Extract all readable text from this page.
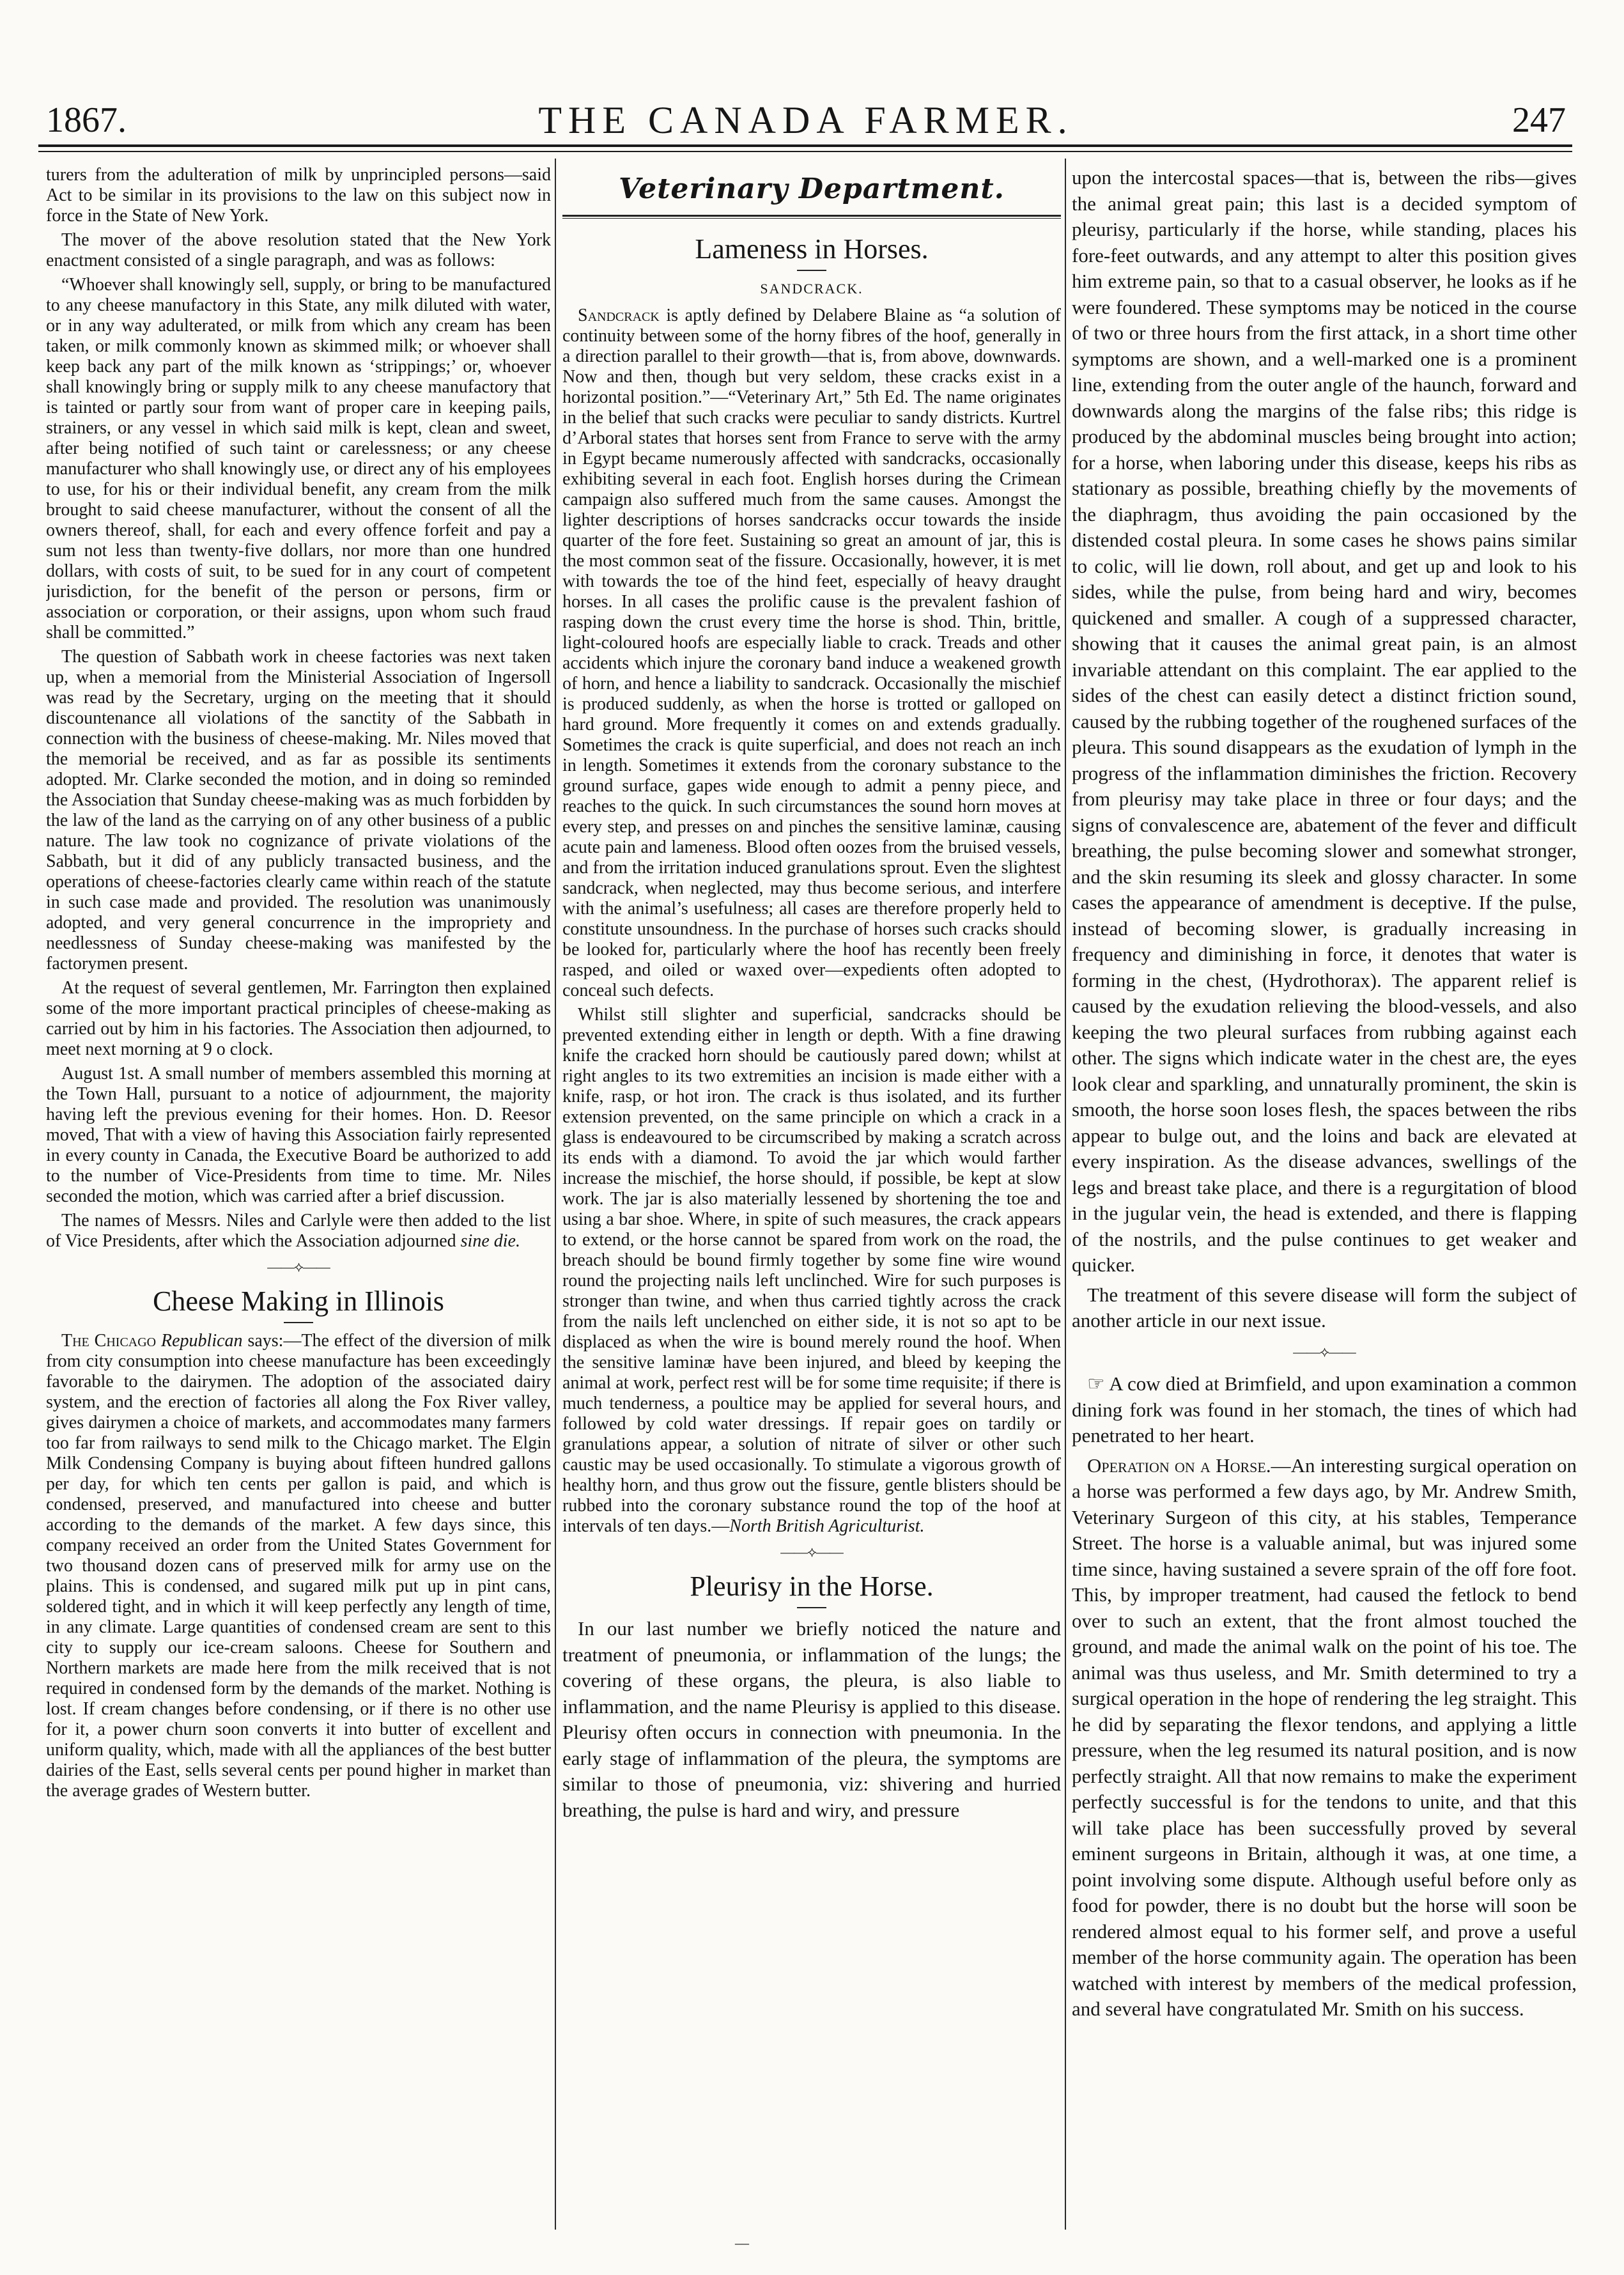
1867.	THE CANADA FARMER.	247

turers from the adulteration of milk by unprincipled persons—said Act to be similar in its provisions to the law on this subject now in force in the State of New York.

The mover of the above resolution stated that the New York enactment consisted of a single paragraph, and was as follows:

“Whoever shall knowingly sell, supply, or bring to be manufactured to any cheese manufactory in this State, any milk diluted with water, or in any way adulterated, or milk from which any cream has been taken, or milk commonly known as skimmed milk; or whoever shall keep back any part of the milk known as ‘strippings;’ or, whoever shall knowingly bring or supply milk to any cheese manufactory that is tainted or partly sour from want of proper care in keeping pails, strainers, or any vessel in which said milk is kept, clean and sweet, after being notified of such taint or carelessness; or any cheese manufacturer who shall knowingly use, or direct any of his employees to use, for his or their individual benefit, any cream from the milk brought to said cheese manufacturer, without the consent of all the owners thereof, shall, for each and every offence forfeit and pay a sum not less than twenty-five dollars, nor more than one hundred dollars, with costs of suit, to be sued for in any court of competent jurisdiction, for the benefit of the person or persons, firm or association or corporation, or their assigns, upon whom such fraud shall be committed.”

The question of Sabbath work in cheese factories was next taken up, when a memorial from the Ministerial Association of Ingersoll was read by the Secretary, urging on the meeting that it should discountenance all violations of the sanctity of the Sabbath in connection with the business of cheese-making. Mr. Niles moved that the memorial be received, and as far as possible its sentiments adopted. Mr. Clarke seconded the motion, and in doing so reminded the Association that Sunday cheese-making was as much forbidden by the law of the land as the carrying on of any other business of a public nature. The law took no cognizance of private violations of the Sabbath, but it did of any publicly transacted business, and the operations of cheese-factories clearly came within reach of the statute in such case made and provided. The resolution was unanimously adopted, and very general concurrence in the impropriety and needlessness of Sunday cheese-making was manifested by the factorymen present.

At the request of several gentlemen, Mr. Farrington then explained some of the more important practical principles of cheese-making as carried out by him in his factories. The Association then adjourned, to meet next morning at 9 o clock.

August 1st. A small number of members assembled this morning at the Town Hall, pursuant to a notice of adjournment, the majority having left the previous evening for their homes. Hon. D. Reesor moved, That with a view of having this Association fairly represented in every county in Canada, the Executive Board be authorized to add to the number of Vice-Presidents from time to time. Mr. Niles seconded the motion, which was carried after a brief discussion.

The names of Messrs. Niles and Carlyle were then added to the list of Vice Presidents, after which the Association adjourned sine die.

——⟡——
Cheese Making in Illinois

The Chicago Republican says:—The effect of the diversion of milk from city consumption into cheese manufacture has been exceedingly favorable to the dairymen. The adoption of the associated dairy system, and the erection of factories all along the Fox River valley, gives dairymen a choice of markets, and accommodates many farmers too far from railways to send milk to the Chicago market. The Elgin Milk Condensing Company is buying about fifteen hundred gallons per day, for which ten cents per gallon is paid, and which is condensed, preserved, and manufactured into cheese and butter according to the demands of the market. A few days since, this company received an order from the United States Government for two thousand dozen cans of preserved milk for army use on the plains. This is condensed, and sugared milk put up in pint cans, soldered tight, and in which it will keep perfectly any length of time, in any climate. Large quantities of condensed cream are sent to this city to supply our ice-cream saloons. Cheese for Southern and Northern markets are made here from the milk received that is not required in condensed form by the demands of the market. Nothing is lost. If cream changes before condensing, or if there is no other use for it, a power churn soon converts it into butter of excellent and uniform quality, which, made with all the appliances of the best butter dairies of the East, sells several cents per pound higher in market than the average grades of Western butter.

Veterinary Department.
Lameness in Horses.
SANDCRACK.

Sandcrack is aptly defined by Delabere Blaine as “a solution of continuity between some of the horny fibres of the hoof, generally in a direction parallel to their growth—that is, from above, downwards. Now and then, though but very seldom, these cracks exist in a horizontal position.”—“Veterinary Art,” 5th Ed. The name originates in the belief that such cracks were peculiar to sandy districts. Kurtrel d’Arboral states that horses sent from France to serve with the army in Egypt became numerously affected with sandcracks, occasionally exhibiting several in each foot. English horses during the Crimean campaign also suffered much from the same causes. Amongst the lighter descriptions of horses sandcracks occur towards the inside quarter of the fore feet. Sustaining so great an amount of jar, this is the most common seat of the fissure. Occasionally, however, it is met with towards the toe of the hind feet, especially of heavy draught horses. In all cases the prolific cause is the prevalent fashion of rasping down the crust every time the horse is shod. Thin, brittle, light-coloured hoofs are especially liable to crack. Treads and other accidents which injure the coronary band induce a weakened growth of horn, and hence a liability to sandcrack. Occasionally the mischief is produced suddenly, as when the horse is trotted or galloped on hard ground. More frequently it comes on and extends gradually. Sometimes the crack is quite superficial, and does not reach an inch in length. Sometimes it extends from the coronary substance to the ground surface, gapes wide enough to admit a penny piece, and reaches to the quick. In such circumstances the sound horn moves at every step, and presses on and pinches the sensitive laminæ, causing acute pain and lameness. Blood often oozes from the bruised vessels, and from the irritation induced granulations sprout. Even the slightest sandcrack, when neglected, may thus become serious, and interfere with the animal’s usefulness; all cases are therefore properly held to constitute unsoundness. In the purchase of horses such cracks should be looked for, particularly where the hoof has recently been freely rasped, and oiled or waxed over—expedients often adopted to conceal such defects.

Whilst still slighter and superficial, sandcracks should be prevented extending either in length or depth. With a fine drawing knife the cracked horn should be cautiously pared down; whilst at right angles to its two extremities an incision is made either with a knife, rasp, or hot iron. The crack is thus isolated, and its further extension prevented, on the same principle on which a crack in a glass is endeavoured to be circumscribed by making a scratch across its ends with a diamond. To avoid the jar which would farther increase the mischief, the horse should, if possible, be kept at slow work. The jar is also materially lessened by shortening the toe and using a bar shoe. Where, in spite of such measures, the crack appears to extend, or the horse cannot be spared from work on the road, the breach should be bound firmly together by some fine wire wound round the projecting nails left unclinched. Wire for such purposes is stronger than twine, and when thus carried tightly across the crack from the nails left unclenched on either side, it is not so apt to be displaced as when the wire is bound merely round the hoof. When the sensitive laminæ have been injured, and bleed by keeping the animal at work, perfect rest will be for some time requisite; if there is much tenderness, a poultice may be applied for several hours, and followed by cold water dressings. If repair goes on tardily or granulations appear, a solution of nitrate of silver or other such caustic may be used occasionally. To stimulate a vigorous growth of healthy horn, and thus grow out the fissure, gentle blisters should be rubbed into the coronary substance round the top of the hoof at intervals of ten days.—North British Agriculturist.

——⟡——
Pleurisy in the Horse.

In our last number we briefly noticed the nature and treatment of pneumonia, or inflammation of the lungs; the covering of these organs, the pleura, is also liable to inflammation, and the name Pleurisy is applied to this disease. Pleurisy often occurs in connection with pneumonia. In the early stage of inflammation of the pleura, the symptoms are similar to those of pneumonia, viz: shivering and hurried breathing, the pulse is hard and wiry, and pressure

upon the intercostal spaces—that is, between the ribs—gives the animal great pain; this last is a decided symptom of pleurisy, particularly if the horse, while standing, places his fore-feet outwards, and any attempt to alter this position gives him extreme pain, so that to a casual observer, he looks as if he were foundered. These symptoms may be noticed in the course of two or three hours from the first attack, in a short time other symptoms are shown, and a well-marked one is a prominent line, extending from the outer angle of the haunch, forward and downwards along the margins of the false ribs; this ridge is produced by the abdominal muscles being brought into action; for a horse, when laboring under this disease, keeps his ribs as stationary as possible, breathing chiefly by the movements of the diaphragm, thus avoiding the pain occasioned by the distended costal pleura. In some cases he shows pains similar to colic, will lie down, roll about, and get up and look to his sides, while the pulse, from being hard and wiry, becomes quickened and smaller. A cough of a suppressed character, showing that it causes the animal great pain, is an almost invariable attendant on this complaint. The ear applied to the sides of the chest can easily detect a distinct friction sound, caused by the rubbing together of the roughened surfaces of the pleura. This sound disappears as the exudation of lymph in the progress of the inflammation diminishes the friction. Recovery from pleurisy may take place in three or four days; and the signs of convalescence are, abatement of the fever and difficult breathing, the pulse becoming slower and somewhat stronger, and the skin resuming its sleek and glossy character. In some cases the appearance of amendment is deceptive. If the pulse, instead of becoming slower, is gradually increasing in frequency and diminishing in force, it denotes that water is forming in the chest, (Hydrothorax). The apparent relief is caused by the exudation relieving the blood-vessels, and also keeping the two pleural surfaces from rubbing against each other. The signs which indicate water in the chest are, the eyes look clear and sparkling, and unnaturally prominent, the skin is smooth, the horse soon loses flesh, the spaces between the ribs appear to bulge out, and the loins and back are elevated at every inspiration. As the disease advances, swellings of the legs and breast take place, and there is a regurgitation of blood in the jugular vein, the head is extended, and there is flapping of the nostrils, and the pulse continues to get weaker and quicker.

The treatment of this severe disease will form the subject of another article in our next issue.

——⟡——

☞ A cow died at Brimfield, and upon examination a common dining fork was found in her stomach, the tines of which had penetrated to her heart.

Operation on a Horse.—An interesting surgical operation on a horse was performed a few days ago, by Mr. Andrew Smith, Veterinary Surgeon of this city, at his stables, Temperance Street. The horse is a valuable animal, but was injured some time since, having sustained a severe sprain of the off fore foot. This, by improper treatment, had caused the fetlock to bend over to such an extent, that the front almost touched the ground, and made the animal walk on the point of his toe. The animal was thus useless, and Mr. Smith determined to try a surgical operation in the hope of rendering the leg straight. This he did by separating the flexor tendons, and applying a little pressure, when the leg resumed its natural position, and is now perfectly straight. All that now remains to make the experiment perfectly successful is for the tendons to unite, and that this will take place has been successfully proved by several eminent surgeons in Britain, although it was, at one time, a point involving some dispute. Although useful before only as food for powder, there is no doubt but the horse will soon be rendered almost equal to his former self, and prove a useful member of the horse community again. The operation has been watched with interest by members of the medical profession, and several have congratulated Mr. Smith on his success.

––
